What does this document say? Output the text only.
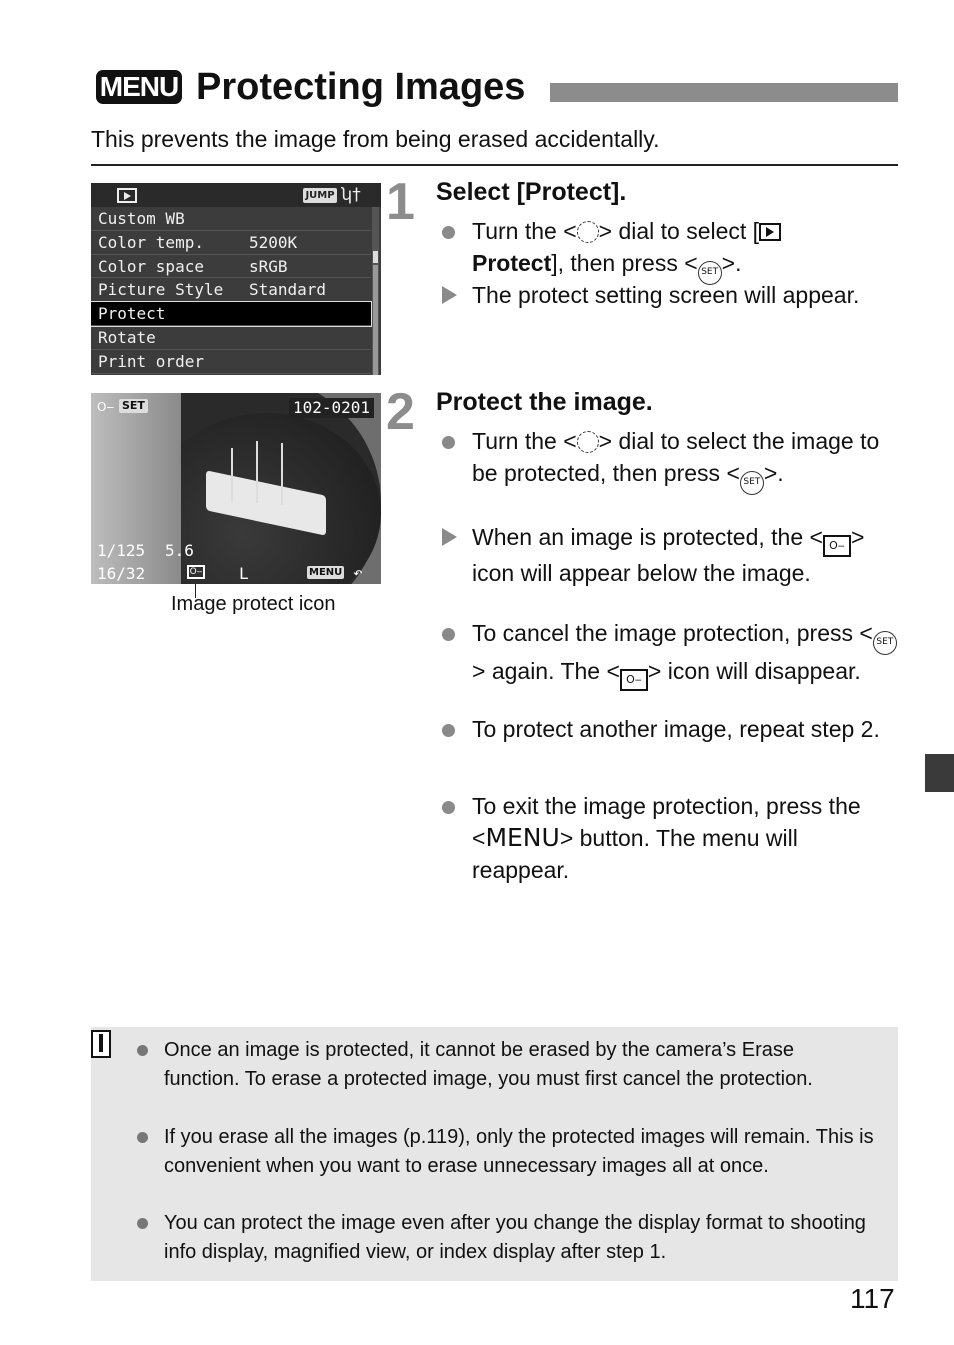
MENU Protecting Images
This prevents the image from being erased accidentally.
JUMP ʮ†
Custom WB
Color temp.	5200K
Color space	sRGB
Picture Style Standard
Protect
Rotate
Print order
O‒ SET	102-0201
1/125 5.6
16/32	O‒ L	MENU ↶
Image protect icon
1 Select [Protect].
Turn the < > dial to select [
Protect], then press < SET >.
The protect setting screen will appear.
2 Protect the image.
Turn the < > dial to select the image to be protected, then press < SET >.
When an image is protected, the < O‒ > icon will appear below the image.
To cancel the image protection, press < SET> again. The < O‒ > icon will disappear.
To protect another image, repeat step 2.
To exit the image protection, press the <MENU> button. The menu will reappear.
Once an image is protected, it cannot be erased by the camera’s Erase function. To erase a protected image, you must first cancel the protection.
If you erase all the images (p.119), only the protected images will remain. This is convenient when you want to erase unnecessary images all at once.
You can protect the image even after you change the display format to shooting info display, magnified view, or index display after step 1.
117
